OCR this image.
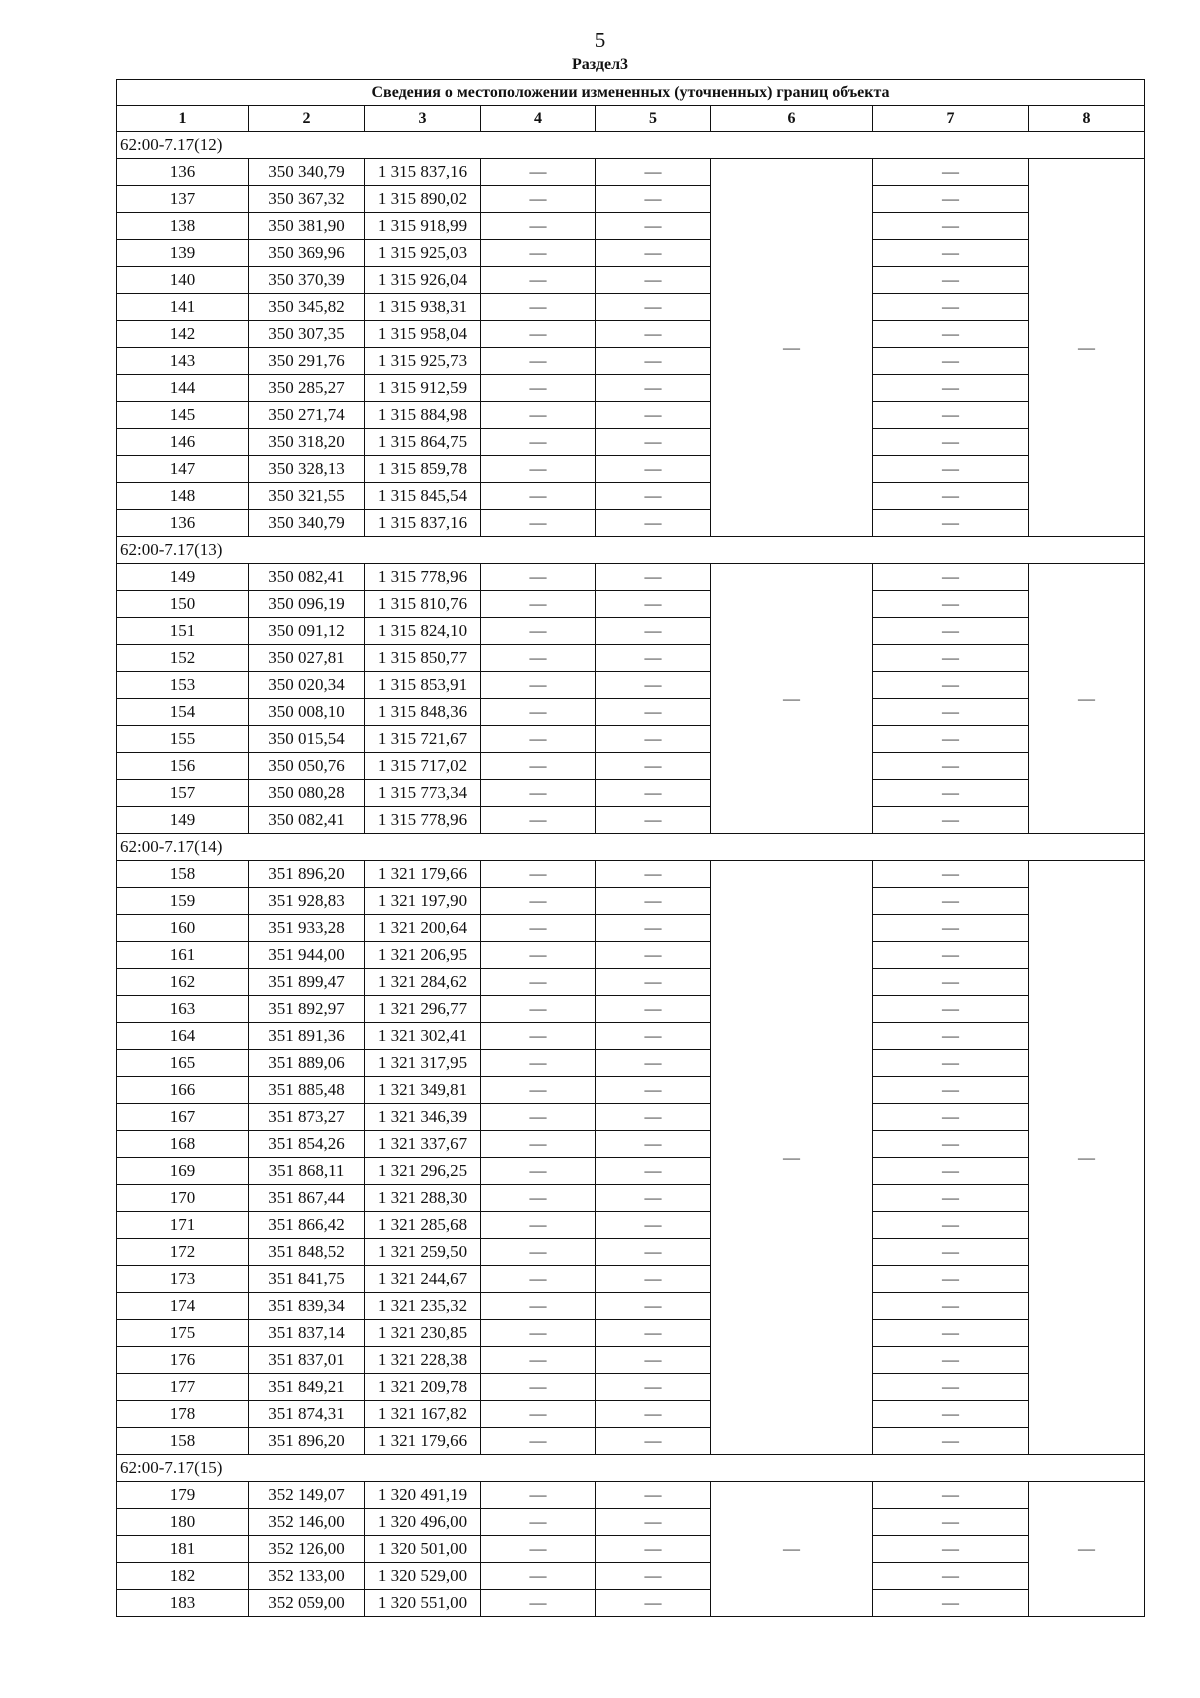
5
Раздел3
Сведения о местоположении измененных (уточненных) границ объекта							
1	2	3	4	5	6	7	8
62:00-7.17(12)							
136	350 340,79	1 315 837,16	—	—	—	—	—
137	350 367,32	1 315 890,02	—	—		—	
138	350 381,90	1 315 918,99	—	—		—	
139	350 369,96	1 315 925,03	—	—		—	
140	350 370,39	1 315 926,04	—	—		—	
141	350 345,82	1 315 938,31	—	—		—	
142	350 307,35	1 315 958,04	—	—		—	
143	350 291,76	1 315 925,73	—	—		—	
144	350 285,27	1 315 912,59	—	—		—	
145	350 271,74	1 315 884,98	—	—		—	
146	350 318,20	1 315 864,75	—	—		—	
147	350 328,13	1 315 859,78	—	—		—	
148	350 321,55	1 315 845,54	—	—		—	
136	350 340,79	1 315 837,16	—	—		—	
62:00-7.17(13)							
149	350 082,41	1 315 778,96	—	—	—	—	—
150	350 096,19	1 315 810,76	—	—		—	
151	350 091,12	1 315 824,10	—	—		—	
152	350 027,81	1 315 850,77	—	—		—	
153	350 020,34	1 315 853,91	—	—		—	
154	350 008,10	1 315 848,36	—	—		—	
155	350 015,54	1 315 721,67	—	—		—	
156	350 050,76	1 315 717,02	—	—		—	
157	350 080,28	1 315 773,34	—	—		—	
149	350 082,41	1 315 778,96	—	—		—	
62:00-7.17(14)							
158	351 896,20	1 321 179,66	—	—	—	—	—
159	351 928,83	1 321 197,90	—	—		—	
160	351 933,28	1 321 200,64	—	—		—	
161	351 944,00	1 321 206,95	—	—		—	
162	351 899,47	1 321 284,62	—	—		—	
163	351 892,97	1 321 296,77	—	—		—	
164	351 891,36	1 321 302,41	—	—		—	
165	351 889,06	1 321 317,95	—	—		—	
166	351 885,48	1 321 349,81	—	—		—	
167	351 873,27	1 321 346,39	—	—		—	
168	351 854,26	1 321 337,67	—	—		—	
169	351 868,11	1 321 296,25	—	—		—	
170	351 867,44	1 321 288,30	—	—		—	
171	351 866,42	1 321 285,68	—	—		—	
172	351 848,52	1 321 259,50	—	—		—	
173	351 841,75	1 321 244,67	—	—		—	
174	351 839,34	1 321 235,32	—	—		—	
175	351 837,14	1 321 230,85	—	—		—	
176	351 837,01	1 321 228,38	—	—		—	
177	351 849,21	1 321 209,78	—	—		—	
178	351 874,31	1 321 167,82	—	—		—	
158	351 896,20	1 321 179,66	—	—		—	
62:00-7.17(15)							
179	352 149,07	1 320 491,19	—	—	—	—	—
180	352 146,00	1 320 496,00	—	—		—	
181	352 126,00	1 320 501,00	—	—		—	
182	352 133,00	1 320 529,00	—	—		—	
183	352 059,00	1 320 551,00	—	—		—	
